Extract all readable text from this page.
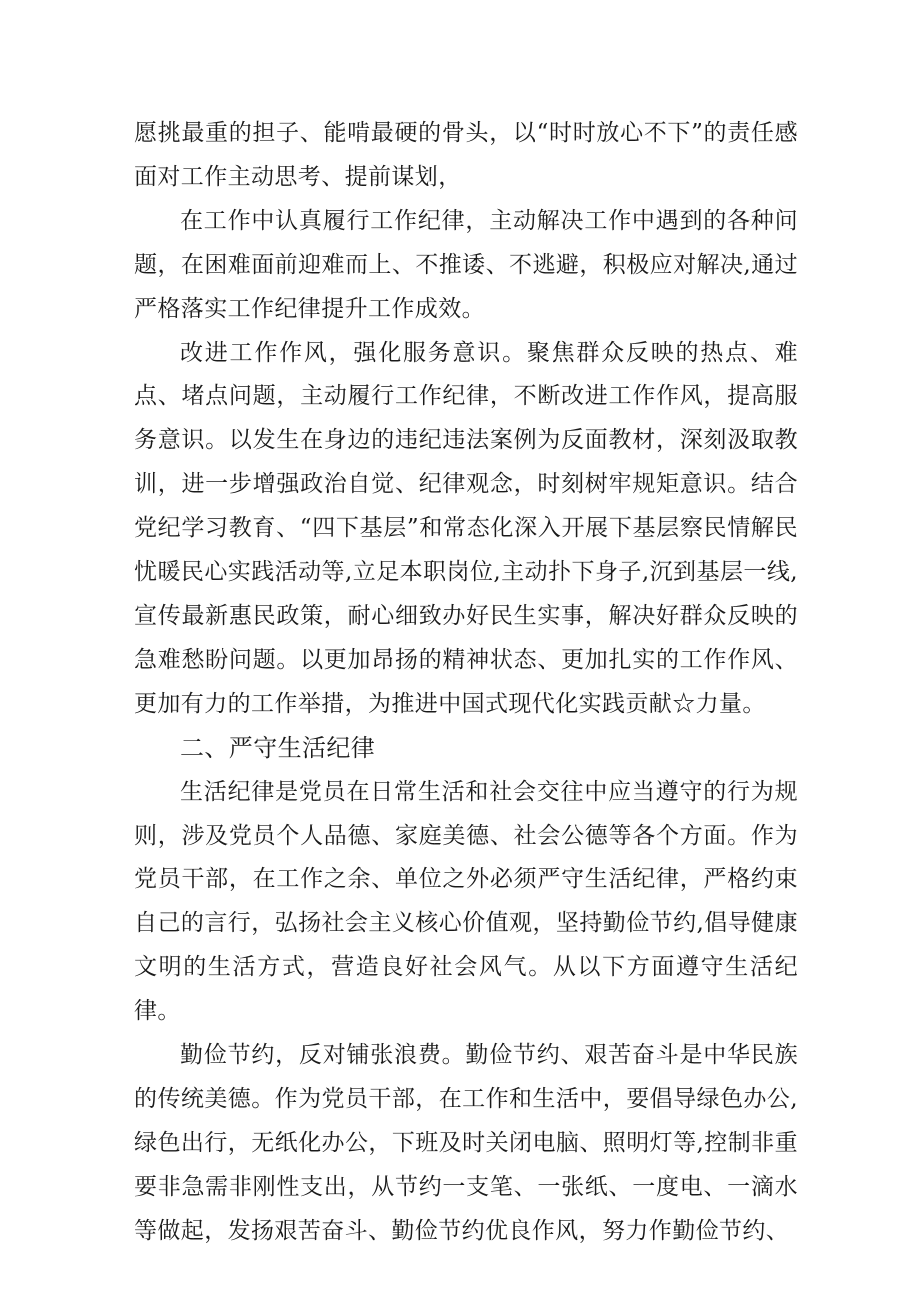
愿挑最重的担子、能啃最硬的骨头，以“时时放心不下”的责任感面对工作主动思考、提前谋划，

在工作中认真履行工作纪律，主动解决工作中遇到的各种问题，在困难面前迎难而上、不推诿、不逃避，积极应对解决,通过严格落实工作纪律提升工作成效。

改进工作作风，强化服务意识。聚焦群众反映的热点、难点、堵点问题，主动履行工作纪律，不断改进工作作风，提高服务意识。以发生在身边的违纪违法案例为反面教材，深刻汲取教训，进一步增强政治自觉、纪律观念，时刻树牢规矩意识。结合党纪学习教育、“四下基层”和常态化深入开展下基层察民情解民忧暖民心实践活动等,立足本职岗位,主动扑下身子,沉到基层一线,宣传最新惠民政策，耐心细致办好民生实事，解决好群众反映的急难愁盼问题。以更加昂扬的精神状态、更加扎实的工作作风、更加有力的工作举措，为推进中国式现代化实践贡献☆力量。

二、严守生活纪律

生活纪律是党员在日常生活和社会交往中应当遵守的行为规则，涉及党员个人品德、家庭美德、社会公德等各个方面。作为党员干部，在工作之余、单位之外必须严守生活纪律，严格约束自己的言行，弘扬社会主义核心价值观，坚持勤俭节约,倡导健康文明的生活方式，营造良好社会风气。从以下方面遵守生活纪律。

勤俭节约，反对铺张浪费。勤俭节约、艰苦奋斗是中华民族的传统美德。作为党员干部，在工作和生活中，要倡导绿色办公,绿色出行，无纸化办公，下班及时关闭电脑、照明灯等,控制非重要非急需非刚性支出，从节约一支笔、一张纸、一度电、一滴水等做起，发扬艰苦奋斗、勤俭节约优良作风，努力作勤俭节约、
